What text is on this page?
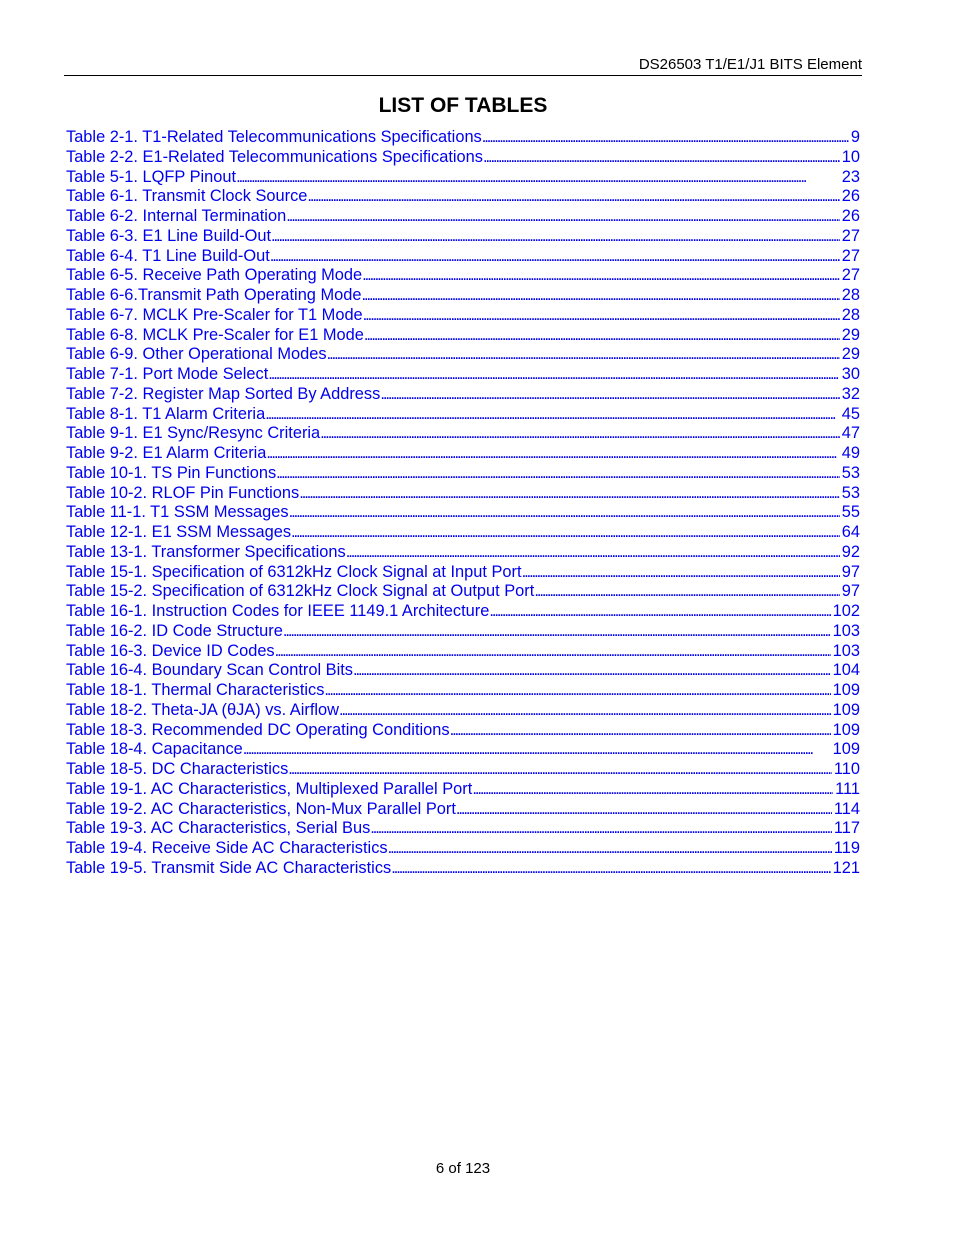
DS26503 T1/E1/J1 BITS Element
LIST OF TABLES
Table 2-1. T1-Related Telecommunications Specifications . . .	9
Table 2-2. E1-Related Telecommunications Specifications . . .	10
Table 5-1. LQFP Pinout . . .	23
Table 6-1. Transmit Clock Source . . .	26
Table 6-2. Internal Termination . . .	26
Table 6-3. E1 Line Build-Out . . .	27
Table 6-4. T1 Line Build-Out . . .	27
Table 6-5. Receive Path Operating Mode . . .	27
Table 6-6.Transmit Path Operating Mode . . .	28
Table 6-7. MCLK Pre-Scaler for T1 Mode . . .	28
Table 6-8. MCLK Pre-Scaler for E1 Mode . . .	29
Table 6-9. Other Operational Modes . . .	29
Table 7-1. Port Mode Select . . .	30
Table 7-2. Register Map Sorted By Address . . .	32
Table 8-1. T1 Alarm Criteria . . .	45
Table 9-1. E1 Sync/Resync Criteria . . .	47
Table 9-2. E1 Alarm Criteria . . .	49
Table 10-1. TS Pin Functions . . .	53
Table 10-2. RLOF Pin Functions . . .	53
Table 11-1. T1 SSM Messages . . .	55
Table 12-1. E1 SSM Messages . . .	64
Table 13-1. Transformer Specifications . . .	92
Table 15-1. Specification of 6312kHz Clock Signal at Input Port . . .	97
Table 15-2. Specification of 6312kHz Clock Signal at Output Port . . .	97
Table 16-1. Instruction Codes for IEEE 1149.1 Architecture . . .	102
Table 16-2. ID Code Structure . . .	103
Table 16-3. Device ID Codes . . .	103
Table 16-4. Boundary Scan Control Bits . . .	104
Table 18-1. Thermal Characteristics . . .	109
Table 18-2. Theta-JA (θJA) vs. Airflow . . .	109
Table 18-3. Recommended DC Operating Conditions . . .	109
Table 18-4. Capacitance . . .	109
Table 18-5. DC Characteristics . . .	110
Table 19-1. AC Characteristics, Multiplexed Parallel Port . . .	111
Table 19-2. AC Characteristics, Non-Mux Parallel Port . . .	114
Table 19-3. AC Characteristics, Serial Bus . . .	117
Table 19-4. Receive Side AC Characteristics . . .	119
Table 19-5. Transmit Side AC Characteristics . . .	121
6 of 123
